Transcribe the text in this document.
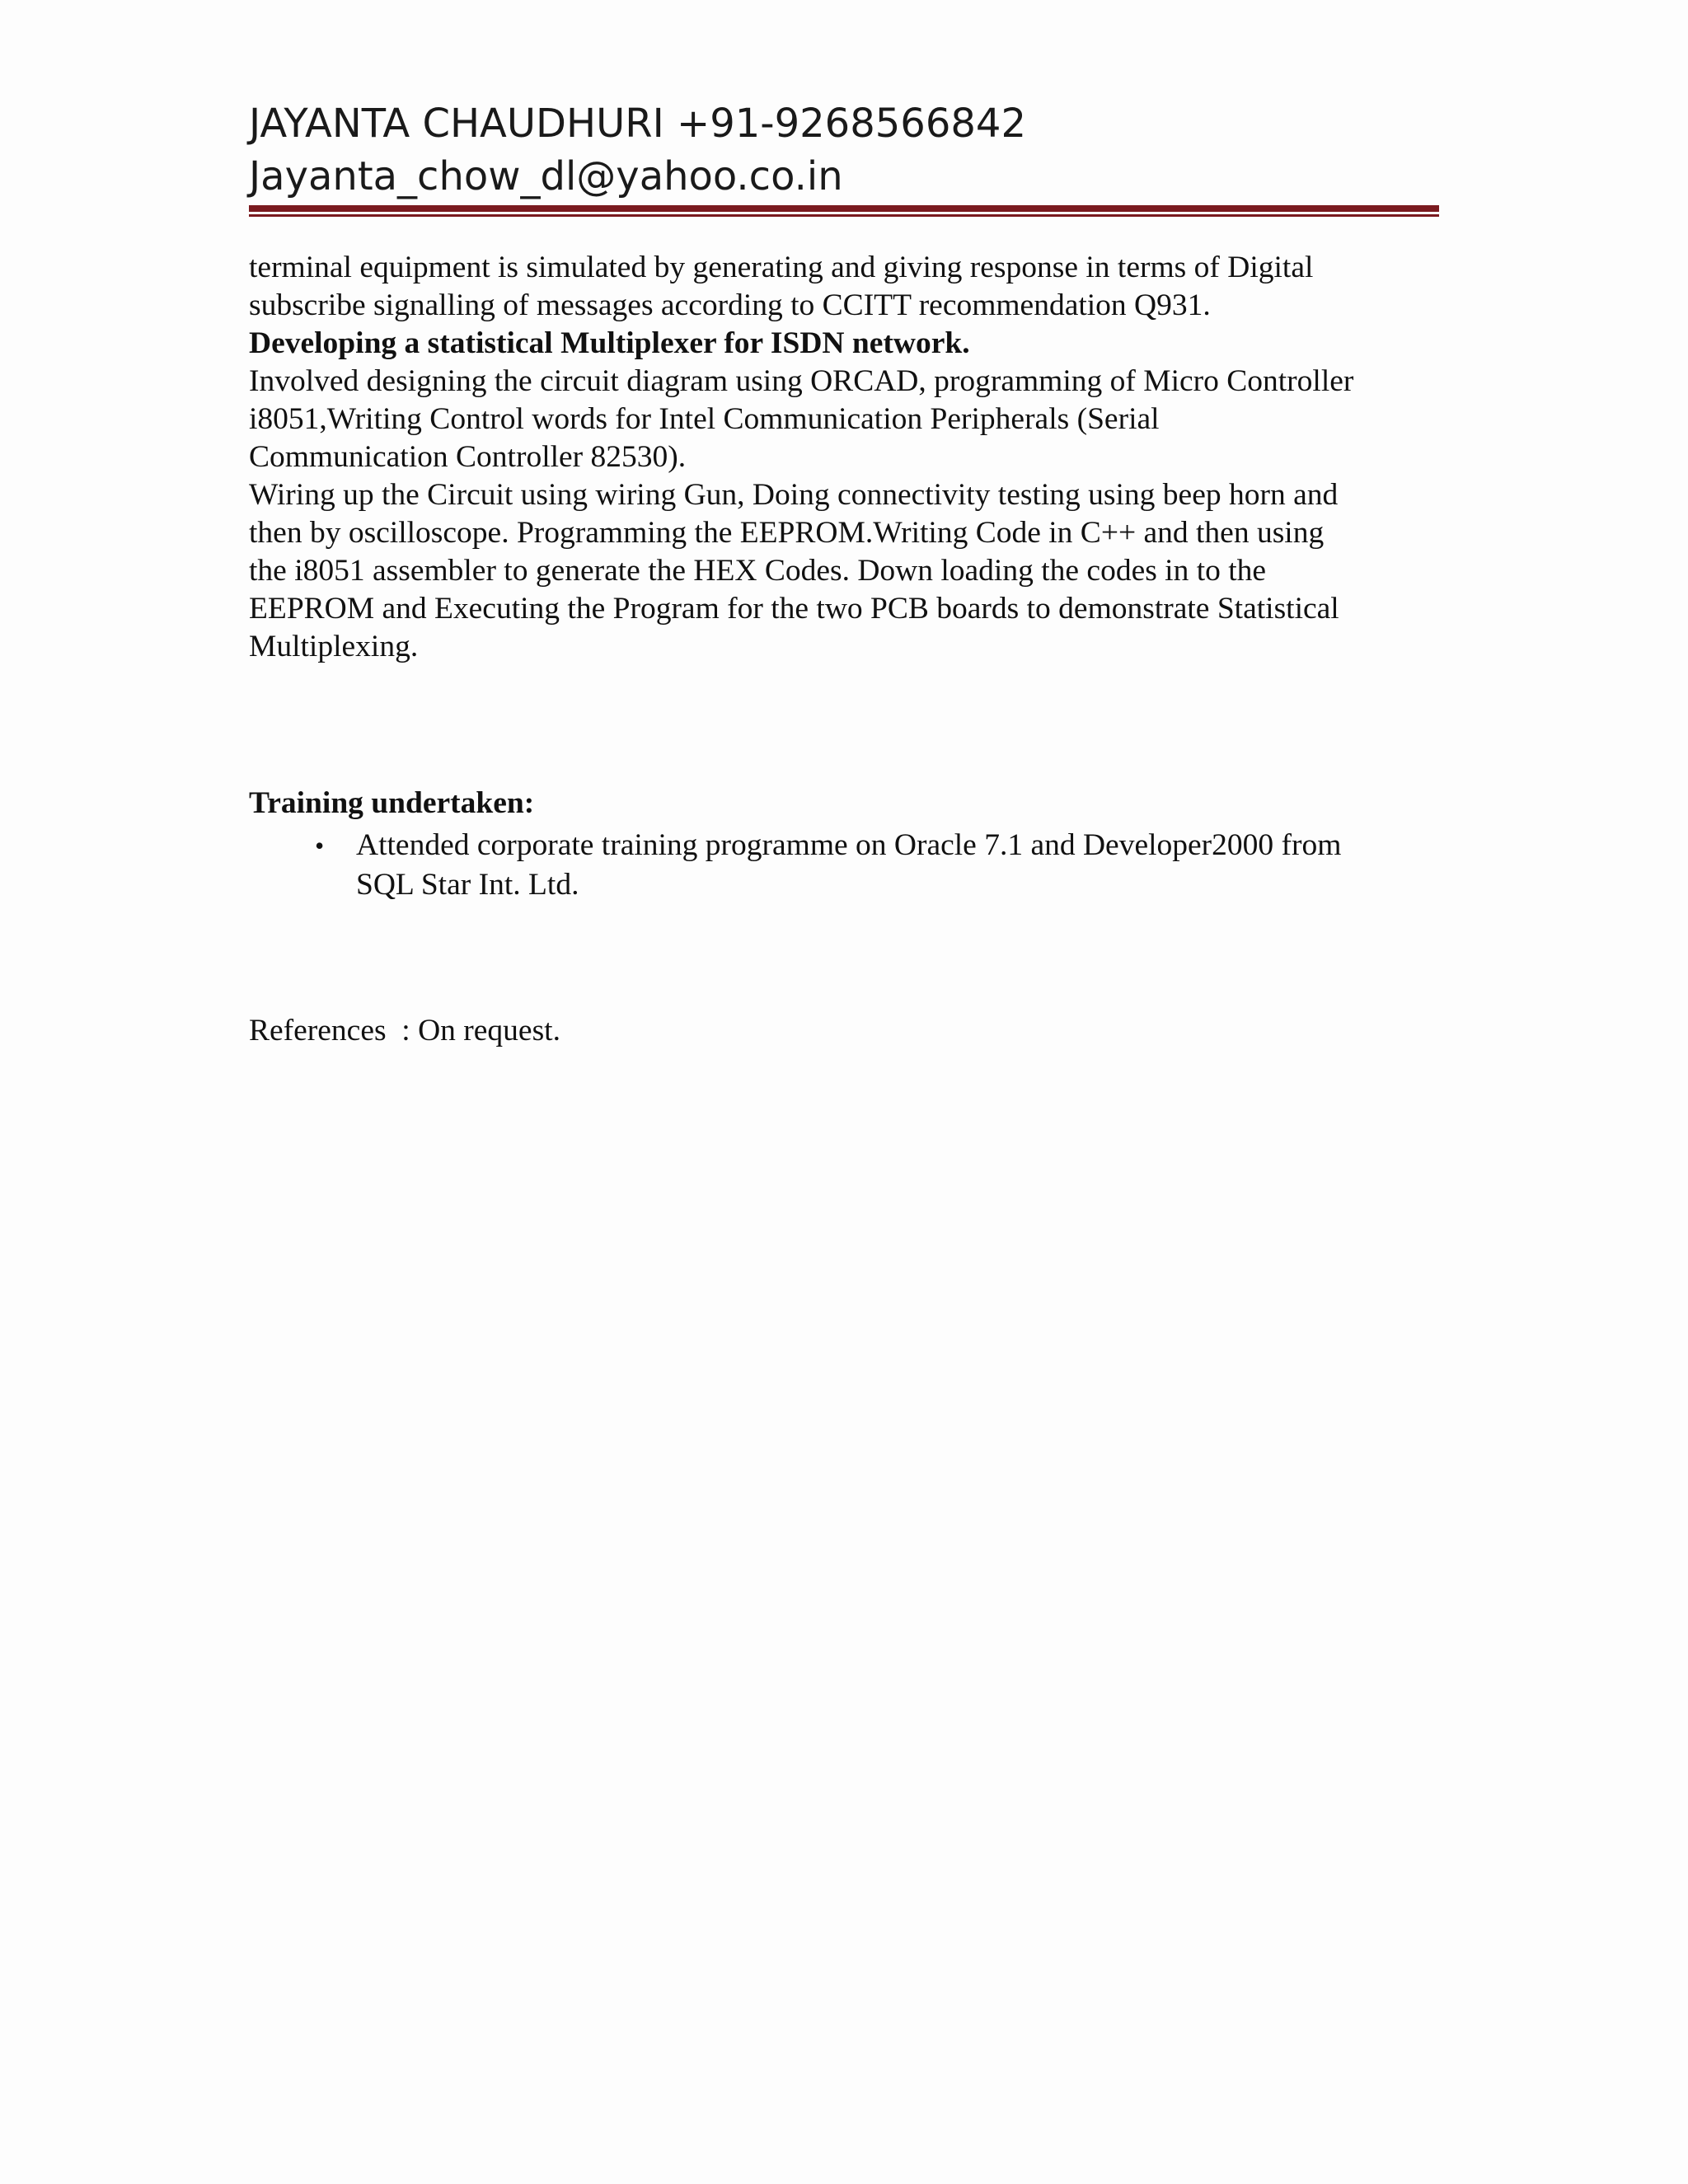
JAYANTA CHAUDHURI +91-9268566842
Jayanta_chow_dl@yahoo.co.in

terminal equipment is simulated by generating and giving response in terms of Digital

subscribe signalling of messages according to CCITT recommendation Q931.

Developing a statistical Multiplexer for ISDN network.

Involved designing the circuit diagram using ORCAD, programming of Micro Controller

i8051,Writing Control words for Intel Communication Peripherals (Serial

Communication Controller 82530).

Wiring up the Circuit using wiring Gun, Doing connectivity testing using beep horn and

then by oscilloscope. Programming the EEPROM.Writing Code in C++ and then using

the i8051 assembler to generate the HEX Codes. Down loading the codes in to the

EEPROM and Executing the Program for the two PCB boards to demonstrate Statistical

Multiplexing.

Training undertaken:
• Attended corporate training programme on Oracle 7.1 and Developer2000 from
SQL Star Int. Ltd.
References  : On request.
